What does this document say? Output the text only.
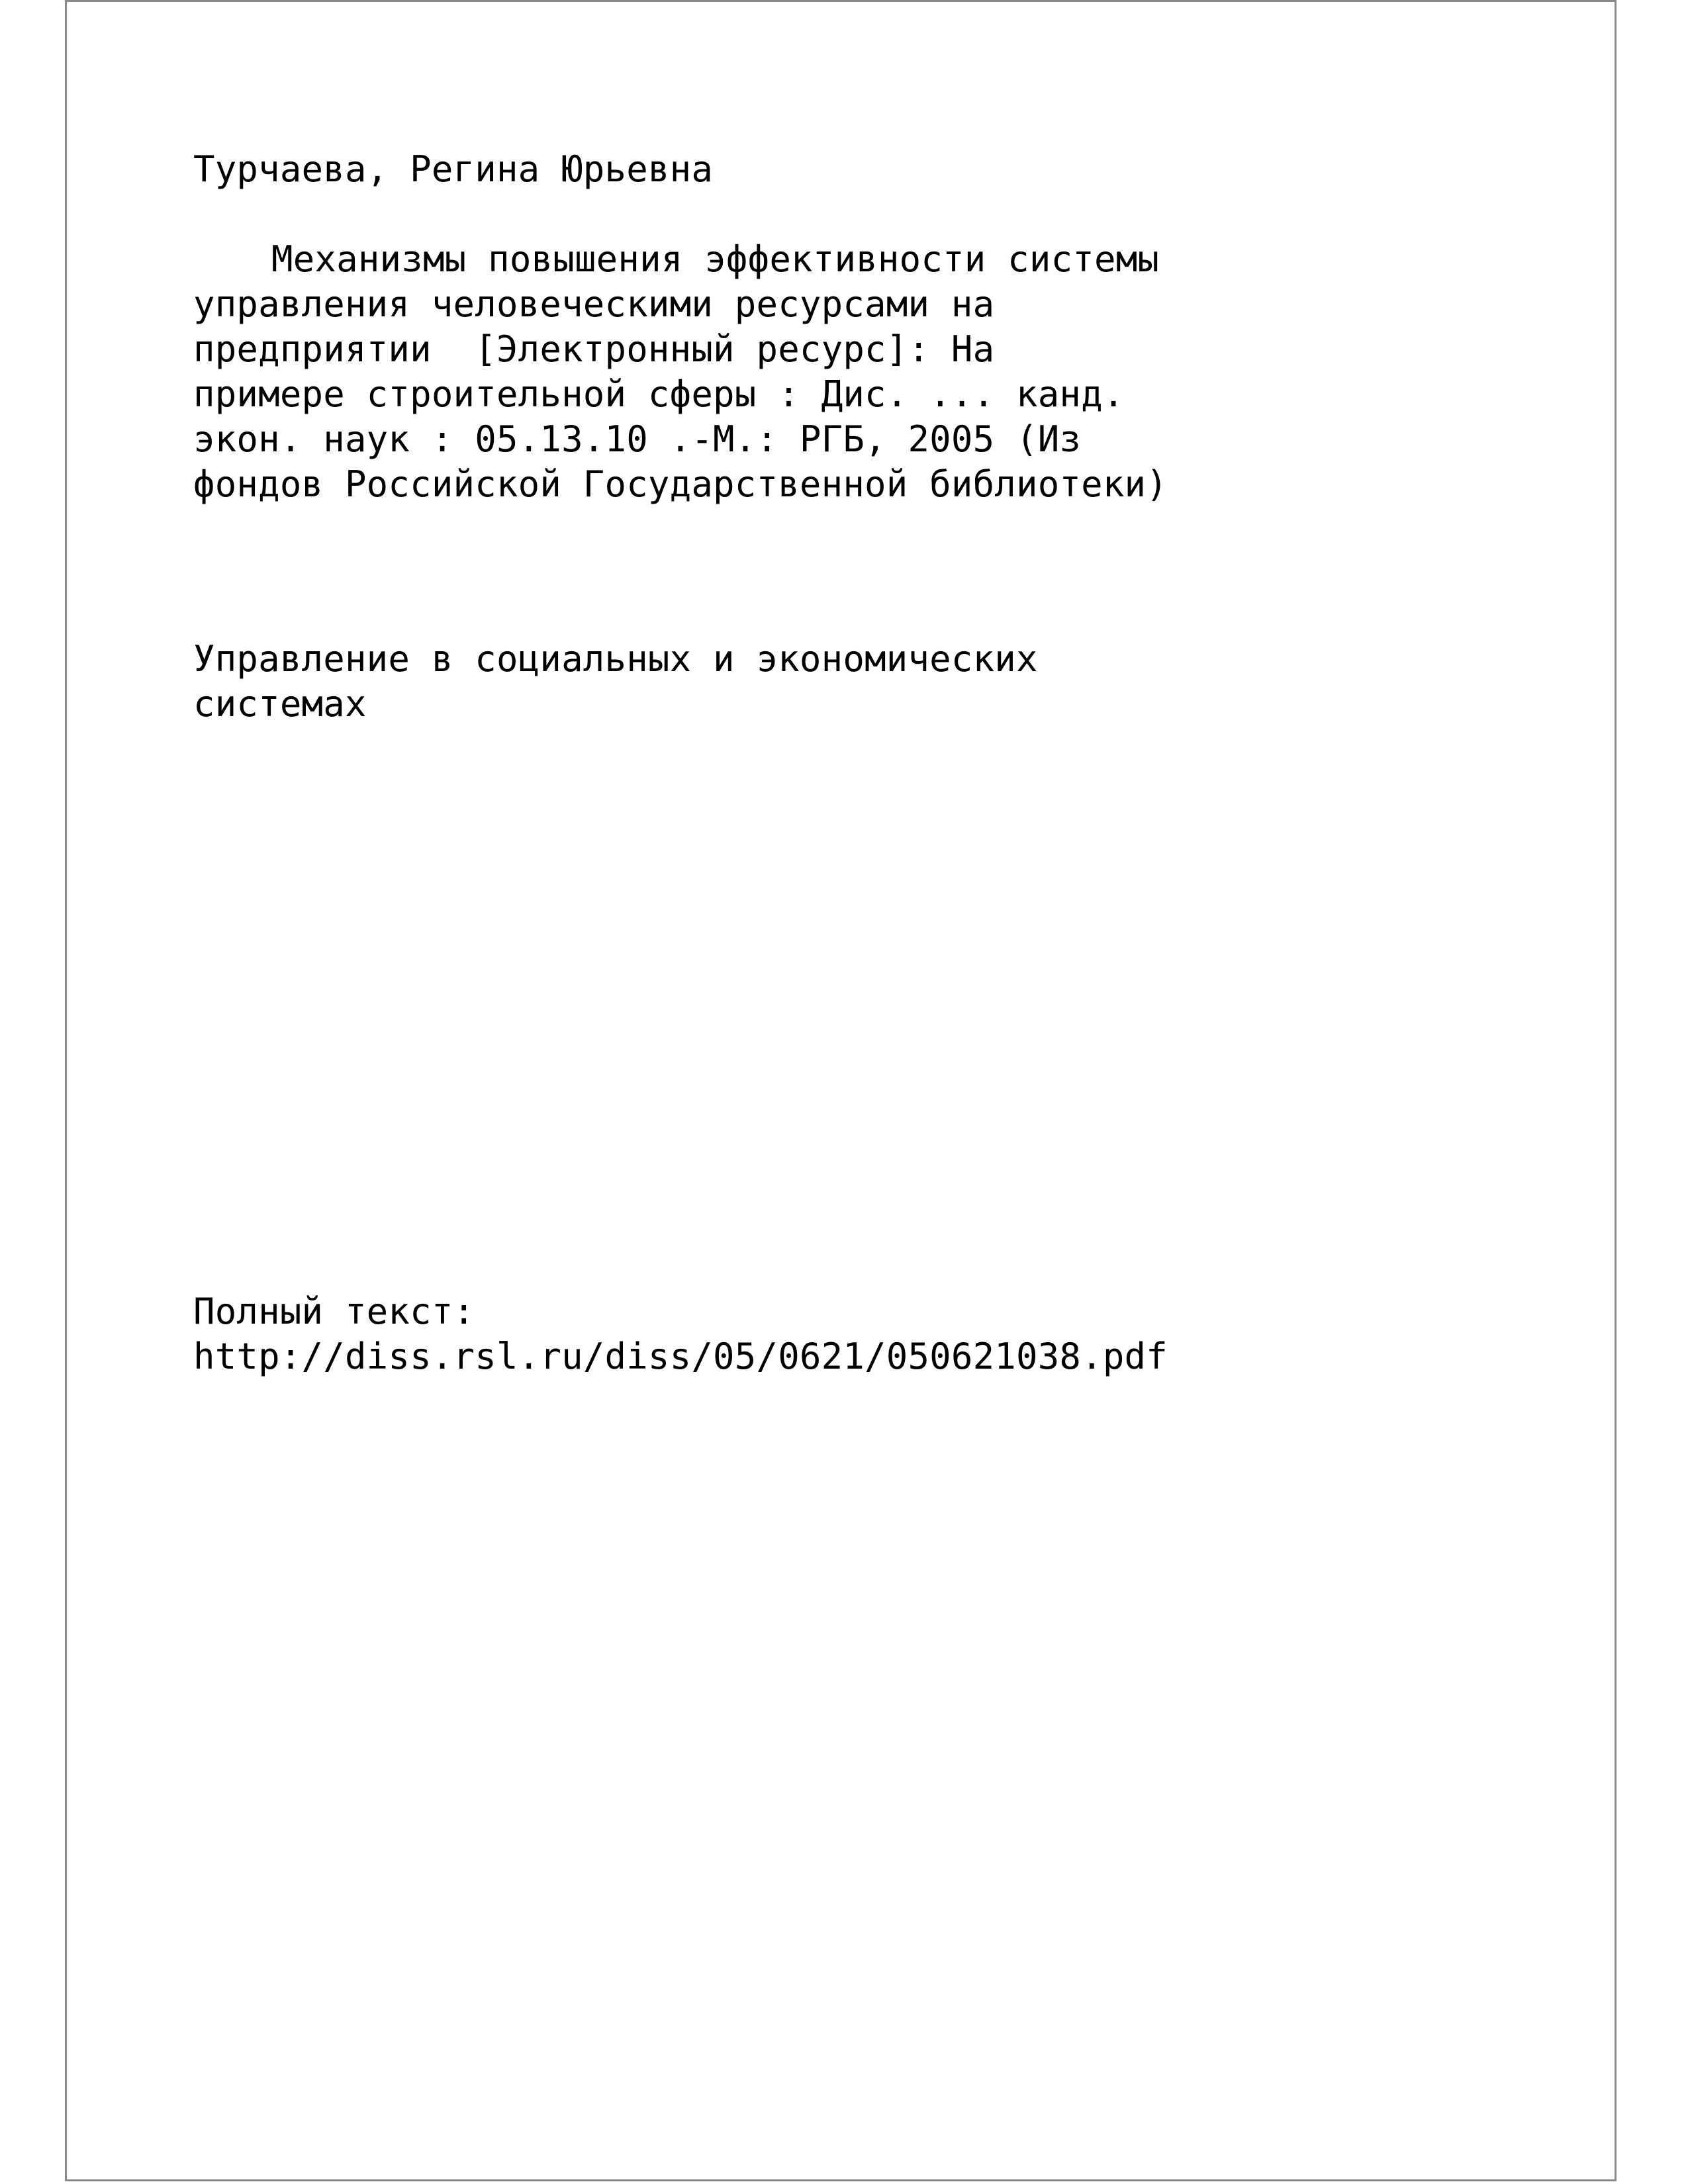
Турчаева, Регина Юрьевна

Механизмы повышения эффективности системы

управления человеческими ресурсами на

предприятии  [Электронный ресурс]: На

примере строительной сферы : Дис. ... канд.

экон. наук : 05.13.10 .-М.: РГБ, 2005 (Из

фондов Российской Государственной библиотеки)

Управление в социальных и экономических

системах

Полный текст:

http://diss.rsl.ru/diss/05/0621/050621038.pdf
